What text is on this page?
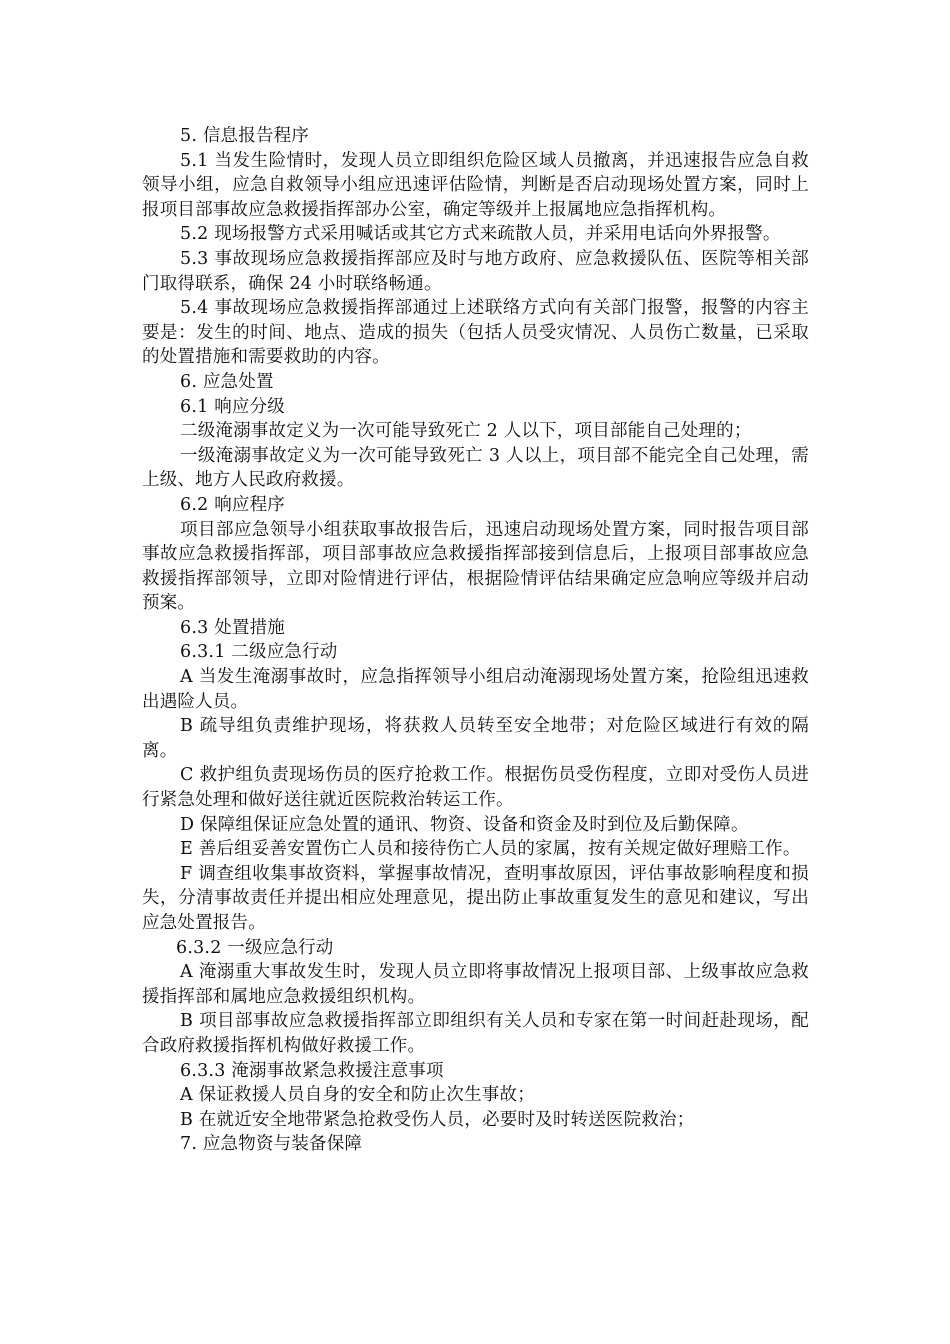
5. 信息报告程序

5.1 当发生险情时，发现人员立即组织危险区域人员撤离，并迅速报告应急自救领导小组，应急自救领导小组应迅速评估险情，判断是否启动现场处置方案，同时上报项目部事故应急救援指挥部办公室，确定等级并上报属地应急指挥机构。

5.2 现场报警方式采用喊话或其它方式来疏散人员，并采用电话向外界报警。

5.3 事故现场应急救援指挥部应及时与地方政府、应急救援队伍、医院等相关部门取得联系，确保 24 小时联络畅通。

5.4 事故现场应急救援指挥部通过上述联络方式向有关部门报警，报警的内容主要是：发生的时间、地点、造成的损失（包括人员受灾情况、人员伤亡数量，已采取的处置措施和需要救助的内容。

6. 应急处置

6.1 响应分级

二级淹溺事故定义为一次可能导致死亡 2 人以下，项目部能自己处理的；

一级淹溺事故定义为一次可能导致死亡 3 人以上，项目部不能完全自己处理，需上级、地方人民政府救援。

6.2 响应程序

项目部应急领导小组获取事故报告后，迅速启动现场处置方案，同时报告项目部事故应急救援指挥部，项目部事故应急救援指挥部接到信息后，上报项目部事故应急救援指挥部领导，立即对险情进行评估，根据险情评估结果确定应急响应等级并启动预案。

6.3 处置措施

6.3.1 二级应急行动

A 当发生淹溺事故时，应急指挥领导小组启动淹溺现场处置方案，抢险组迅速救出遇险人员。

B 疏导组负责维护现场，将获救人员转至安全地带；对危险区域进行有效的隔离。

C 救护组负责现场伤员的医疗抢救工作。根据伤员受伤程度，立即对受伤人员进行紧急处理和做好送往就近医院救治转运工作。

D 保障组保证应急处置的通讯、物资、设备和资金及时到位及后勤保障。

E 善后组妥善安置伤亡人员和接待伤亡人员的家属，按有关规定做好理赔工作。

F 调查组收集事故资料，掌握事故情况，查明事故原因，评估事故影响程度和损失，分清事故责任并提出相应处理意见，提出防止事故重复发生的意见和建议，写出应急处置报告。

6.3.2 一级应急行动

A 淹溺重大事故发生时，发现人员立即将事故情况上报项目部、上级事故应急救援指挥部和属地应急救援组织机构。

B 项目部事故应急救援指挥部立即组织有关人员和专家在第一时间赶赴现场，配合政府救援指挥机构做好救援工作。

6.3.3 淹溺事故紧急救援注意事项

A 保证救援人员自身的安全和防止次生事故；

B 在就近安全地带紧急抢救受伤人员，必要时及时转送医院救治；

7. 应急物资与装备保障
